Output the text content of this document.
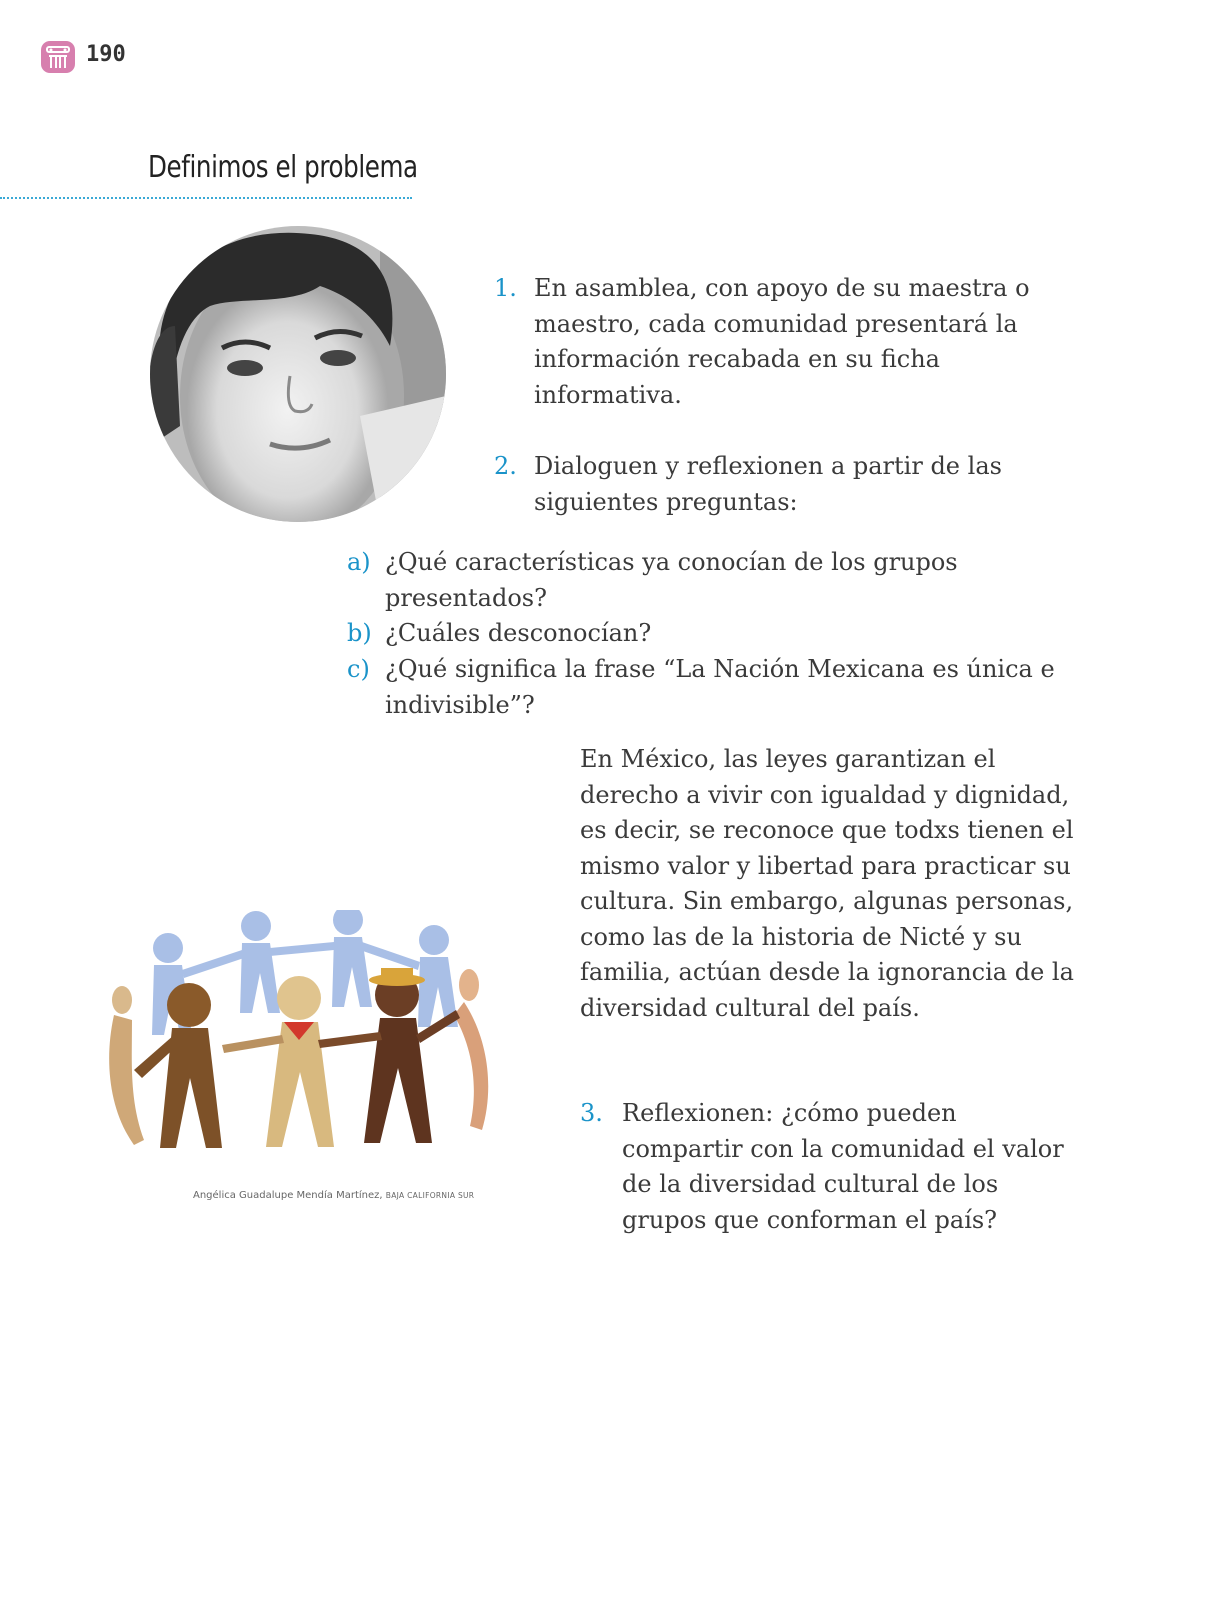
190
Definimos el problema
1. En asamblea, con apoyo de su maestra o maestro, cada comunidad presentará la información recabada en su ficha informativa.
2. Dialoguen y reflexionen a partir de las siguientes preguntas:
a) ¿Qué características ya conocían de los grupos presentados?
b) ¿Cuáles desconocían?
c) ¿Qué significa la frase “La Nación Mexicana es única e indivisible”?
En México, las leyes garantizan el derecho a vivir con igualdad y dignidad, es decir, se reconoce que todxs tienen el mismo valor y libertad para practicar su cultura. Sin embargo, algunas personas, como las de la historia de Nicté y su familia, actúan desde la ignorancia de la diversidad cultural del país.
3. Reflexionen: ¿cómo pueden compartir con la comunidad el valor de la diversidad cultural de los grupos que conforman el país?
Angélica Guadalupe Mendía Martínez, BAJA CALIFORNIA SUR
